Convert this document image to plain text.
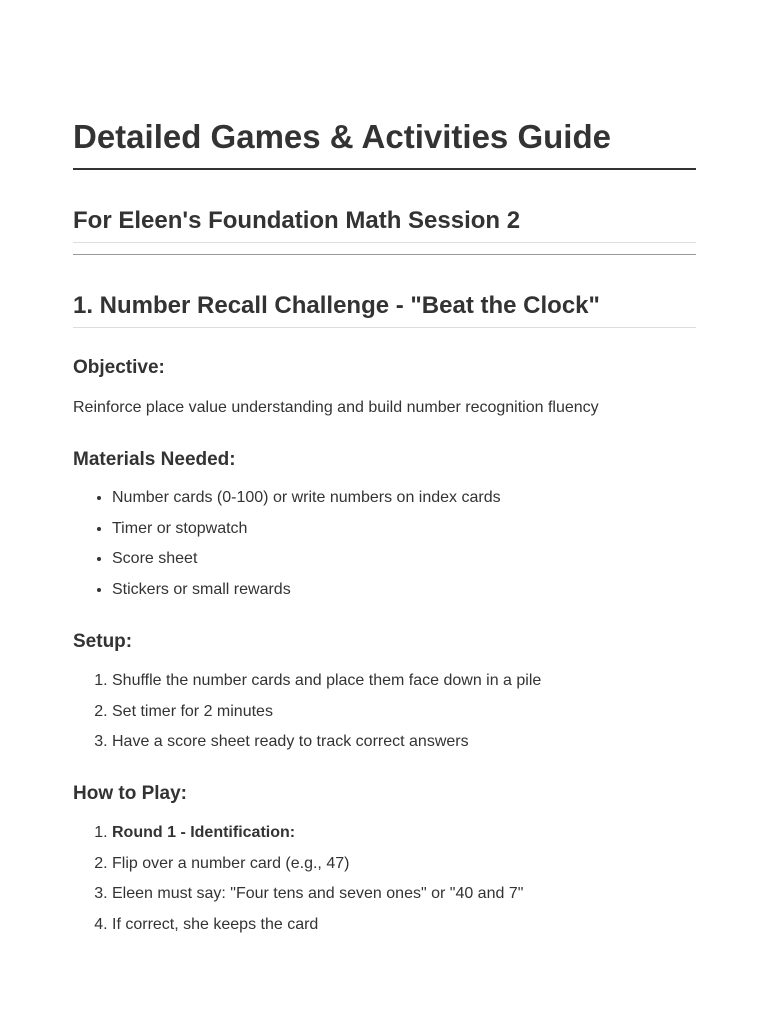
Detailed Games & Activities Guide
For Eleen's Foundation Math Session 2
1. Number Recall Challenge - "Beat the Clock"
Objective:

Reinforce place value understanding and build number recognition fluency

Materials Needed:
• Number cards (0-100) or write numbers on index cards
• Timer or stopwatch
• Score sheet
• Stickers or small rewards
Setup:
1. Shuffle the number cards and place them face down in a pile
2. Set timer for 2 minutes
3. Have a score sheet ready to track correct answers
How to Play:
1. Round 1 - Identification:
2. Flip over a number card (e.g., 47)
3. Eleen must say: "Four tens and seven ones" or "40 and 7"
4. If correct, she keeps the card
